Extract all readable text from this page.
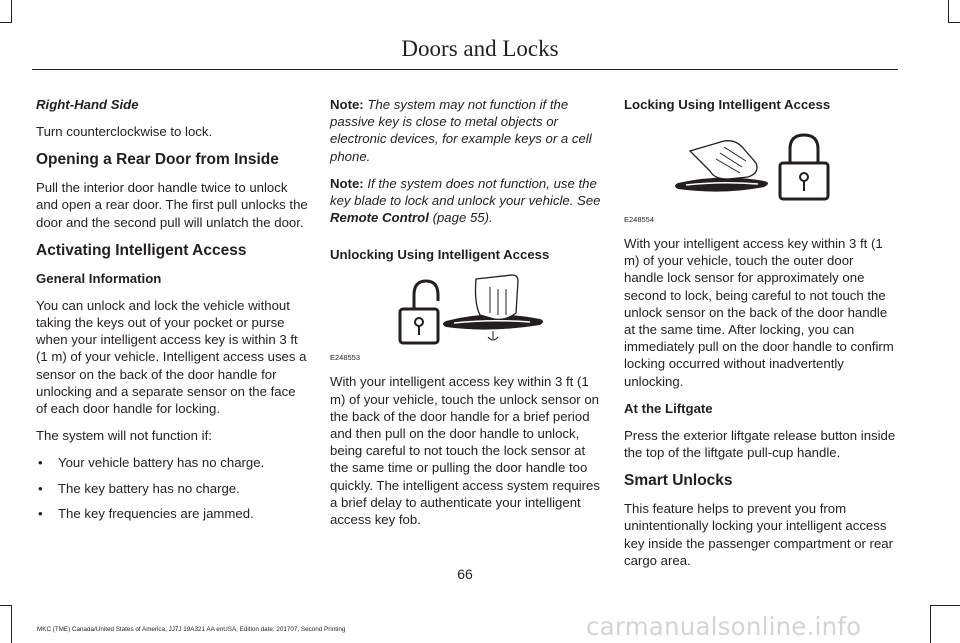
Doors and Locks
Right-Hand Side

Turn counterclockwise to lock.

Opening a Rear Door from Inside

Pull the interior door handle twice to unlock and open a rear door. The first pull unlocks the door and the second pull will unlatch the door.

Activating Intelligent Access
General Information

You can unlock and lock the vehicle without taking the keys out of your pocket or purse when your intelligent access key is within 3 ft (1 m) of your vehicle. Intelligent access uses a sensor on the back of the door handle for unlocking and a separate sensor on the face of each door handle for locking.

The system will not function if:

• Your vehicle battery has no charge.
• The key battery has no charge.
• The key frequencies are jammed.

Note: The system may not function if the passive key is close to metal objects or electronic devices, for example keys or a cell phone.

Note: If the system does not function, use the key blade to lock and unlock your vehicle. See Remote Control (page 55).

Unlocking Using Intelligent Access
E248553

With your intelligent access key within 3 ft (1 m) of your vehicle, touch the unlock sensor on the back of the door handle for a brief period and then pull on the door handle to unlock, being careful to not touch the lock sensor at the same time or pulling the door handle too quickly. The intelligent access system requires a brief delay to authenticate your intelligent access key fob.

Locking Using Intelligent Access
E248554

With your intelligent access key within 3 ft (1 m) of your vehicle, touch the outer door handle lock sensor for approximately one second to lock, being careful to not touch the unlock sensor on the back of the door handle at the same time. After locking, you can immediately pull on the door handle to confirm locking occurred without inadvertently unlocking.

At the Liftgate

Press the exterior liftgate release button inside the top of the liftgate pull-cup handle.

Smart Unlocks

This feature helps to prevent you from unintentionally locking your intelligent access key inside the passenger compartment or rear cargo area.

66
MKC (TME) Canada/United States of America, JJ7J 19A321 AA enUSA, Edition date: 201707, Second Printing	carmanualsonline.info
